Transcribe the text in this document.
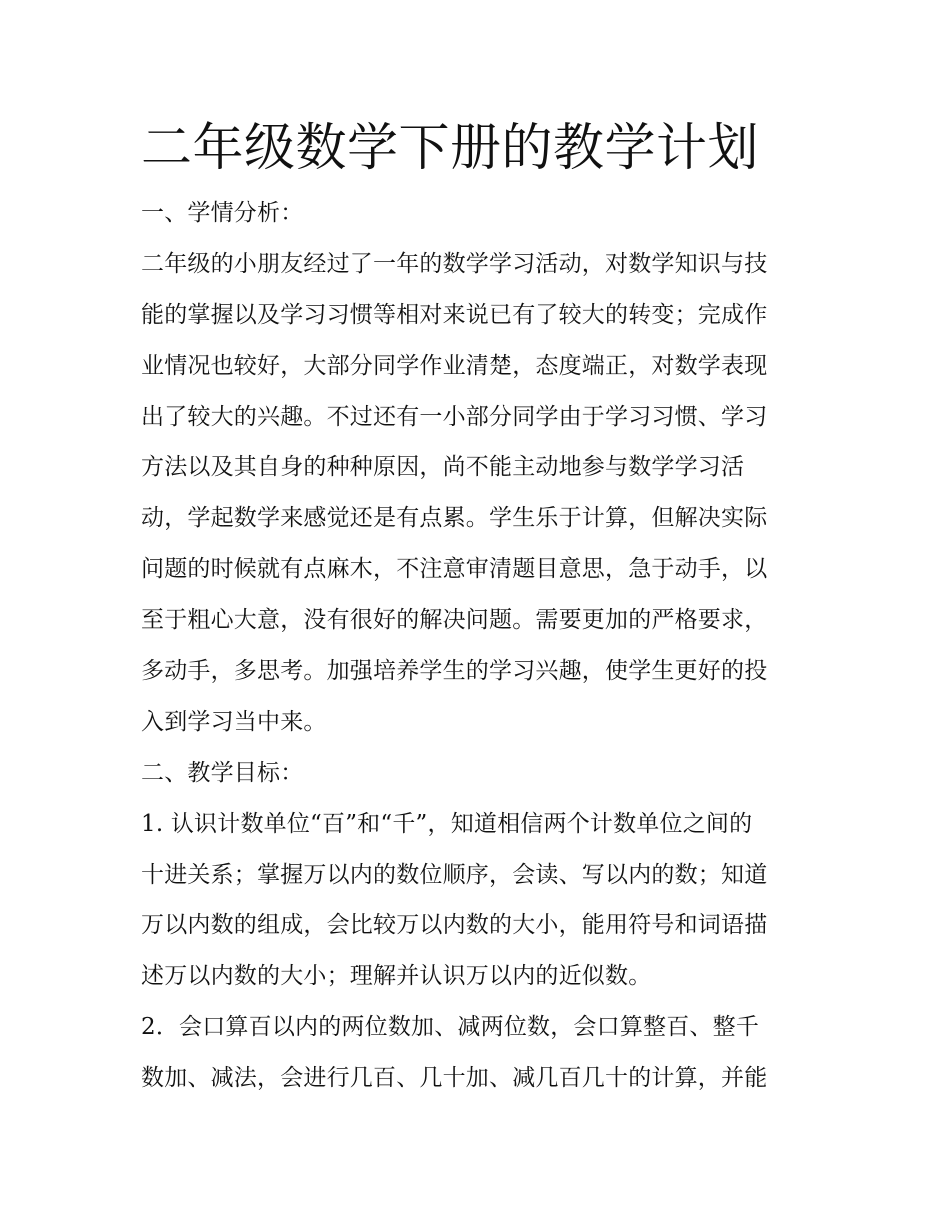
二年级数学下册的教学计划

一、学情分析：

二年级的小朋友经过了一年的数学学习活动，对数学知识与技

能的掌握以及学习习惯等相对来说已有了较大的转变；完成作

业情况也较好，大部分同学作业清楚，态度端正，对数学表现

出了较大的兴趣。不过还有一小部分同学由于学习习惯、学习

方法以及其自身的种种原因，尚不能主动地参与数学学习活

动，学起数学来感觉还是有点累。学生乐于计算，但解决实际

问题的时候就有点麻木，不注意审清题目意思，急于动手，以

至于粗心大意，没有很好的解决问题。需要更加的严格要求，

多动手，多思考。加强培养学生的学习兴趣，使学生更好的投

入到学习当中来。

二、教学目标：

1. 认识计数单位“百”和“千”，知道相信两个计数单位之间的

十进关系；掌握万以内的数位顺序，会读、写以内的数；知道

万以内数的组成，会比较万以内数的大小，能用符号和词语描

述万以内数的大小；理解并认识万以内的近似数。

2．会口算百以内的两位数加、减两位数，会口算整百、整千

数加、减法，会进行几百、几十加、减几百几十的计算，并能
